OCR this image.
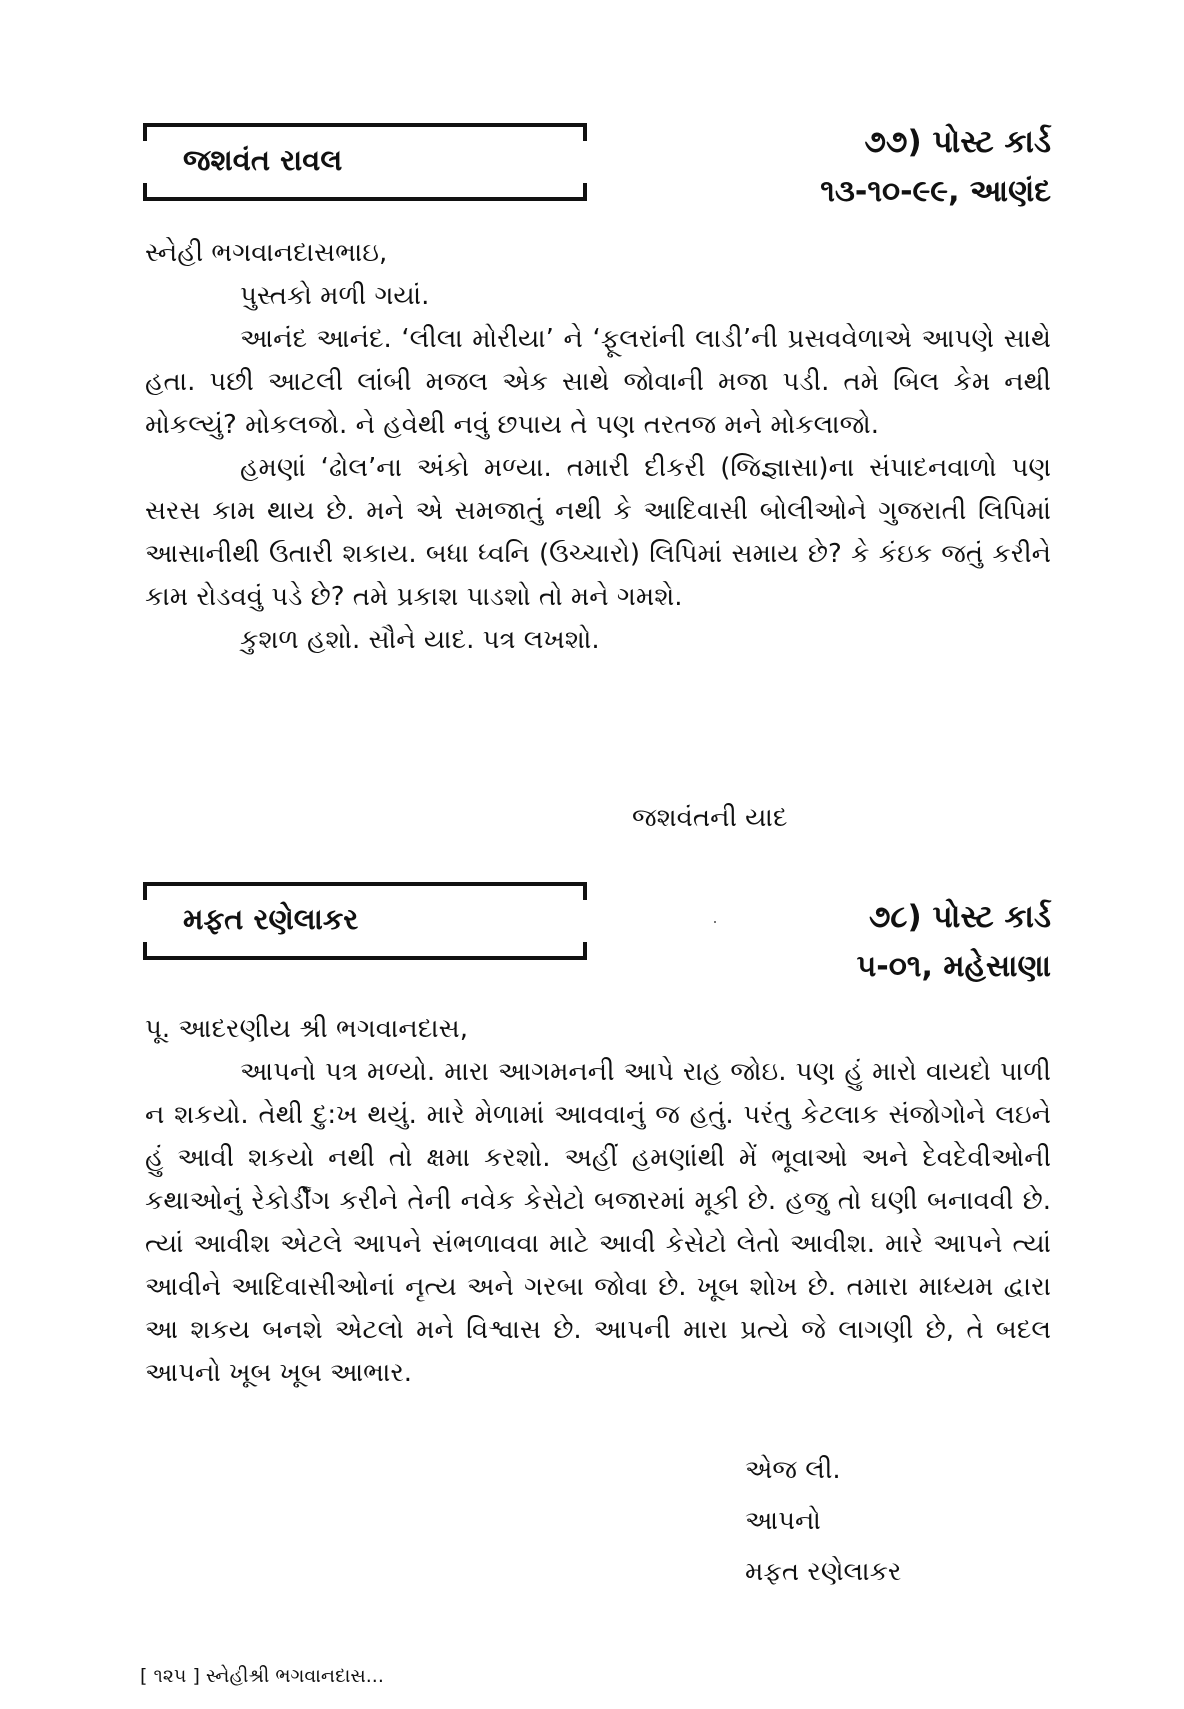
જશવંત રાવલ	૭૭) પોસ્ટ કાર્ડ
૧૩-૧૦-૯૯, આણંદ

સ્નેહી ભગવાનદાસભાઇ,

પુસ્તકો મળી ગયાં.

આનંદ આનંદ. ‘લીલા મોરીયા’ ને ‘ફૂલરાંની લાડી’ની પ્રસવવેળાએ આપણે સાથે હતા. પછી આટલી લાંબી મજલ એક સાથે જોવાની મજા પડી. તમે બિલ કેમ નથી મોકલ્યું? મોકલજો. ને હવેથી નવું છપાય તે પણ તરતજ મને મોકલાજો.

હમણાં ‘ઢોલ’ના અંકો મળ્યા. તમારી દીકરી (જિજ્ઞાસા)ના સંપાદનવાળો પણ સરસ કામ થાય છે. મને એ સમજાતું નથી કે આદિવાસી બોલીઓને ગુજરાતી લિપિમાં આસાનીથી ઉતારી શકાય. બધા ધ્વનિ (ઉચ્ચારો) લિપિમાં સમાય છે? કે કંઇક જતું કરીને કામ રોડવવું પડે છે? તમે પ્રકાશ પાડશો તો મને ગમશે.

કુશળ હશો. સૌને યાદ. પત્ર લખશો.

જશવંતની યાદ
મફત રણેલાકર	૭૮) પોસ્ટ કાર્ડ
૫-૦૧, મહેસાણા

પૂ. આદરણીય શ્રી ભગવાનદાસ,

આપનો પત્ર મળ્યો. મારા આગમનની આપે રાહ જોઇ. પણ હું મારો વાયદો પાળી ન શકયો. તેથી દુ:ખ થયું. મારે મેળામાં આવવાનું જ હતું. પરંતુ કેટલાક સંજોગોને લઇને હું આવી શકયો નથી તો ક્ષમા કરશો. અહીં હમણાંથી મેં ભૂવાઓ અને દેવદેવીઓની કથાઓનું રેકોર્ડીંગ કરીને તેની નવેક કેસેટો બજારમાં મૂકી છે. હજુ તો ઘણી બનાવવી છે. ત્યાં આવીશ એટલે આપને સંભળાવવા માટે આવી કેસેટો લેતો આવીશ. મારે આપને ત્યાં આવીને આદિવાસીઓનાં નૃત્ય અને ગરબા જોવા છે. ખૂબ શોખ છે. તમારા માધ્યમ દ્વારા આ શકય બનશે એટલો મને વિશ્વાસ છે. આપની મારા પ્રત્યે જે લાગણી છે, તે બદલ આપનો ખૂબ ખૂબ આભાર.

એજ લી.
આપનો
મફત રણેલાકર
[ ૧૨૫ ] સ્નેહીશ્રી ભગવાનદાસ...
